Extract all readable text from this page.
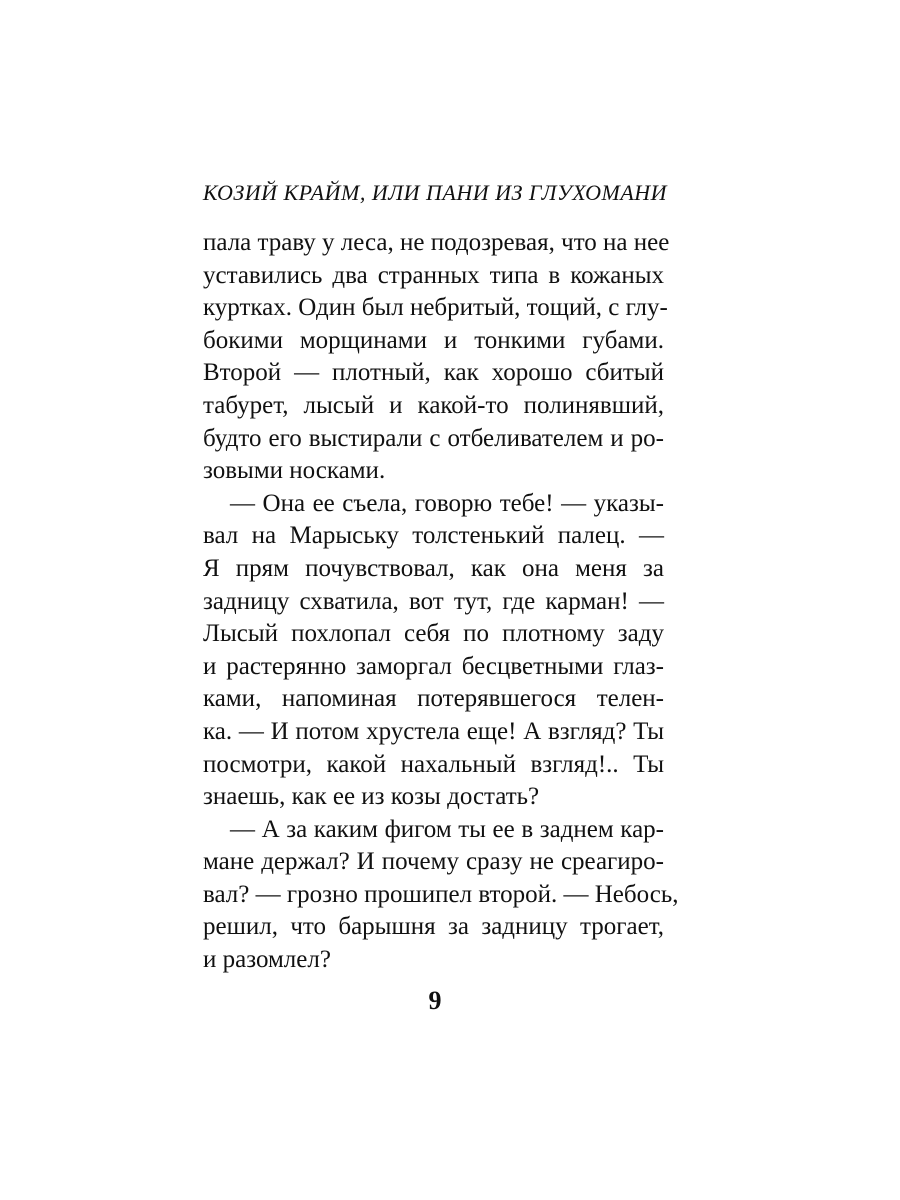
КОЗИЙ КРАЙМ, ИЛИ ПАНИ ИЗ ГЛУХОМАНИ
пала траву у леса, не подозревая, что на нее
уставились два странных типа в кожаных
куртках. Один был небритый, тощий, с глу-
бокими морщинами и тонкими губами.
Второй — плотный, как хорошо сбитый
табурет, лысый и какой-то полинявший,
будто его выстирали с отбеливателем и ро-
зовыми носками.
— Она ее съела, говорю тебе! — указы-
вал на Марыську толстенький палец. —
Я прям почувствовал, как она меня за
задницу схватила, вот тут, где карман! —
Лысый похлопал себя по плотному заду
и растерянно заморгал бесцветными глаз-
ками, напоминая потерявшегося телен-
ка. — И потом хрустела еще! А взгляд? Ты
посмотри, какой нахальный взгляд!.. Ты
знаешь, как ее из козы достать?
— А за каким фигом ты ее в заднем кар-
мане держал? И почему сразу не среагиро-
вал? — грозно прошипел второй. — Небось,
решил, что барышня за задницу трогает,
и разомлел?
9
